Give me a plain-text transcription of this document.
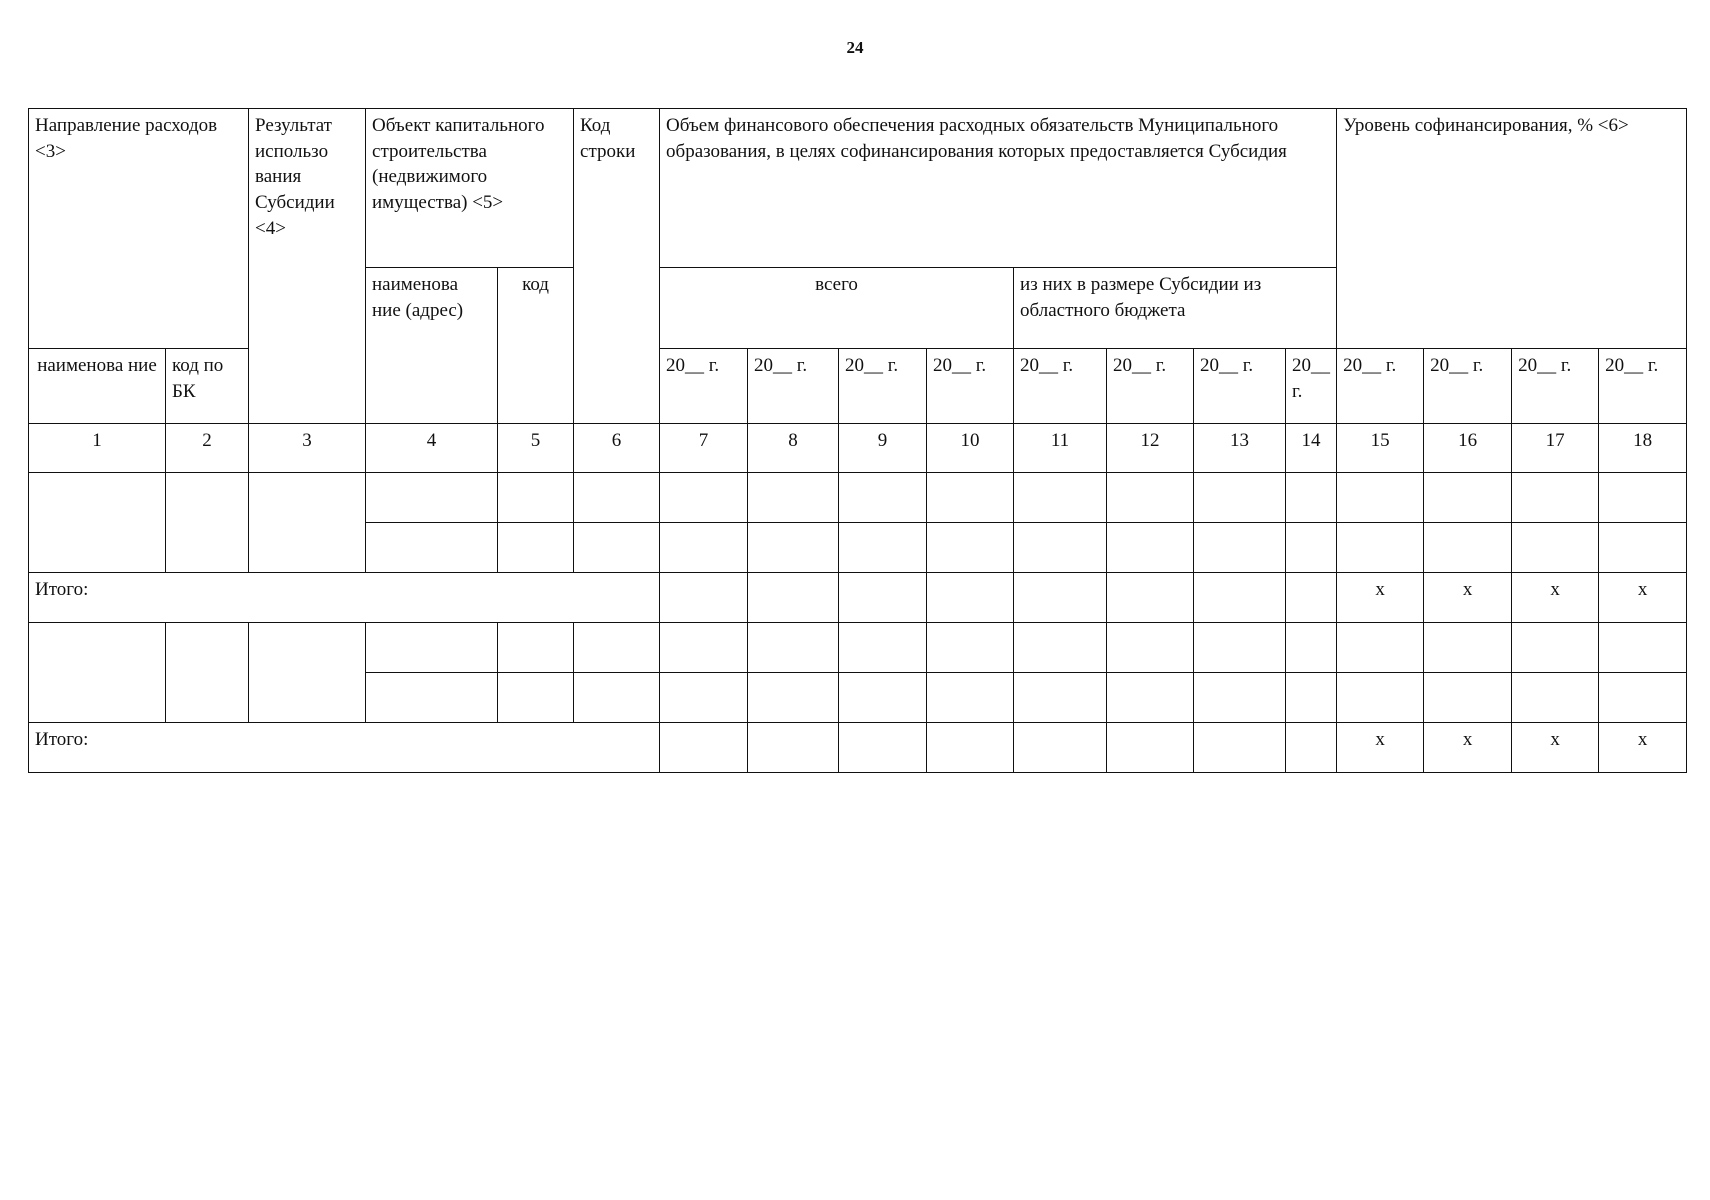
24
Направление расходов <3>		Результат использо вания Субсидии <4>	Объект капитального строительства (недвижимого имущества) <5>		Код строки	Объем финансового обеспечения расходных обязательств Муниципального образования, в целях софинансирования которых предоставляется Субсидия								Уровень софинансирования, % <6>			
			наименова ние (адрес)	код		всего				из них в размере Субсидии из областного бюджета							
наименова ние	код по БК					20__ г.	20__ г.	20__ г.	20__ г.	20__ г.	20__ г.	20__ г.	20__ г.	20__ г.	20__ г.	20__ г.	20__ г.
1	2	3	4	5	6	7	8	9	10	11	12	13	14	15	16	17	18

Итого:														х	х	х	х

Итого:														х	х	х	х
